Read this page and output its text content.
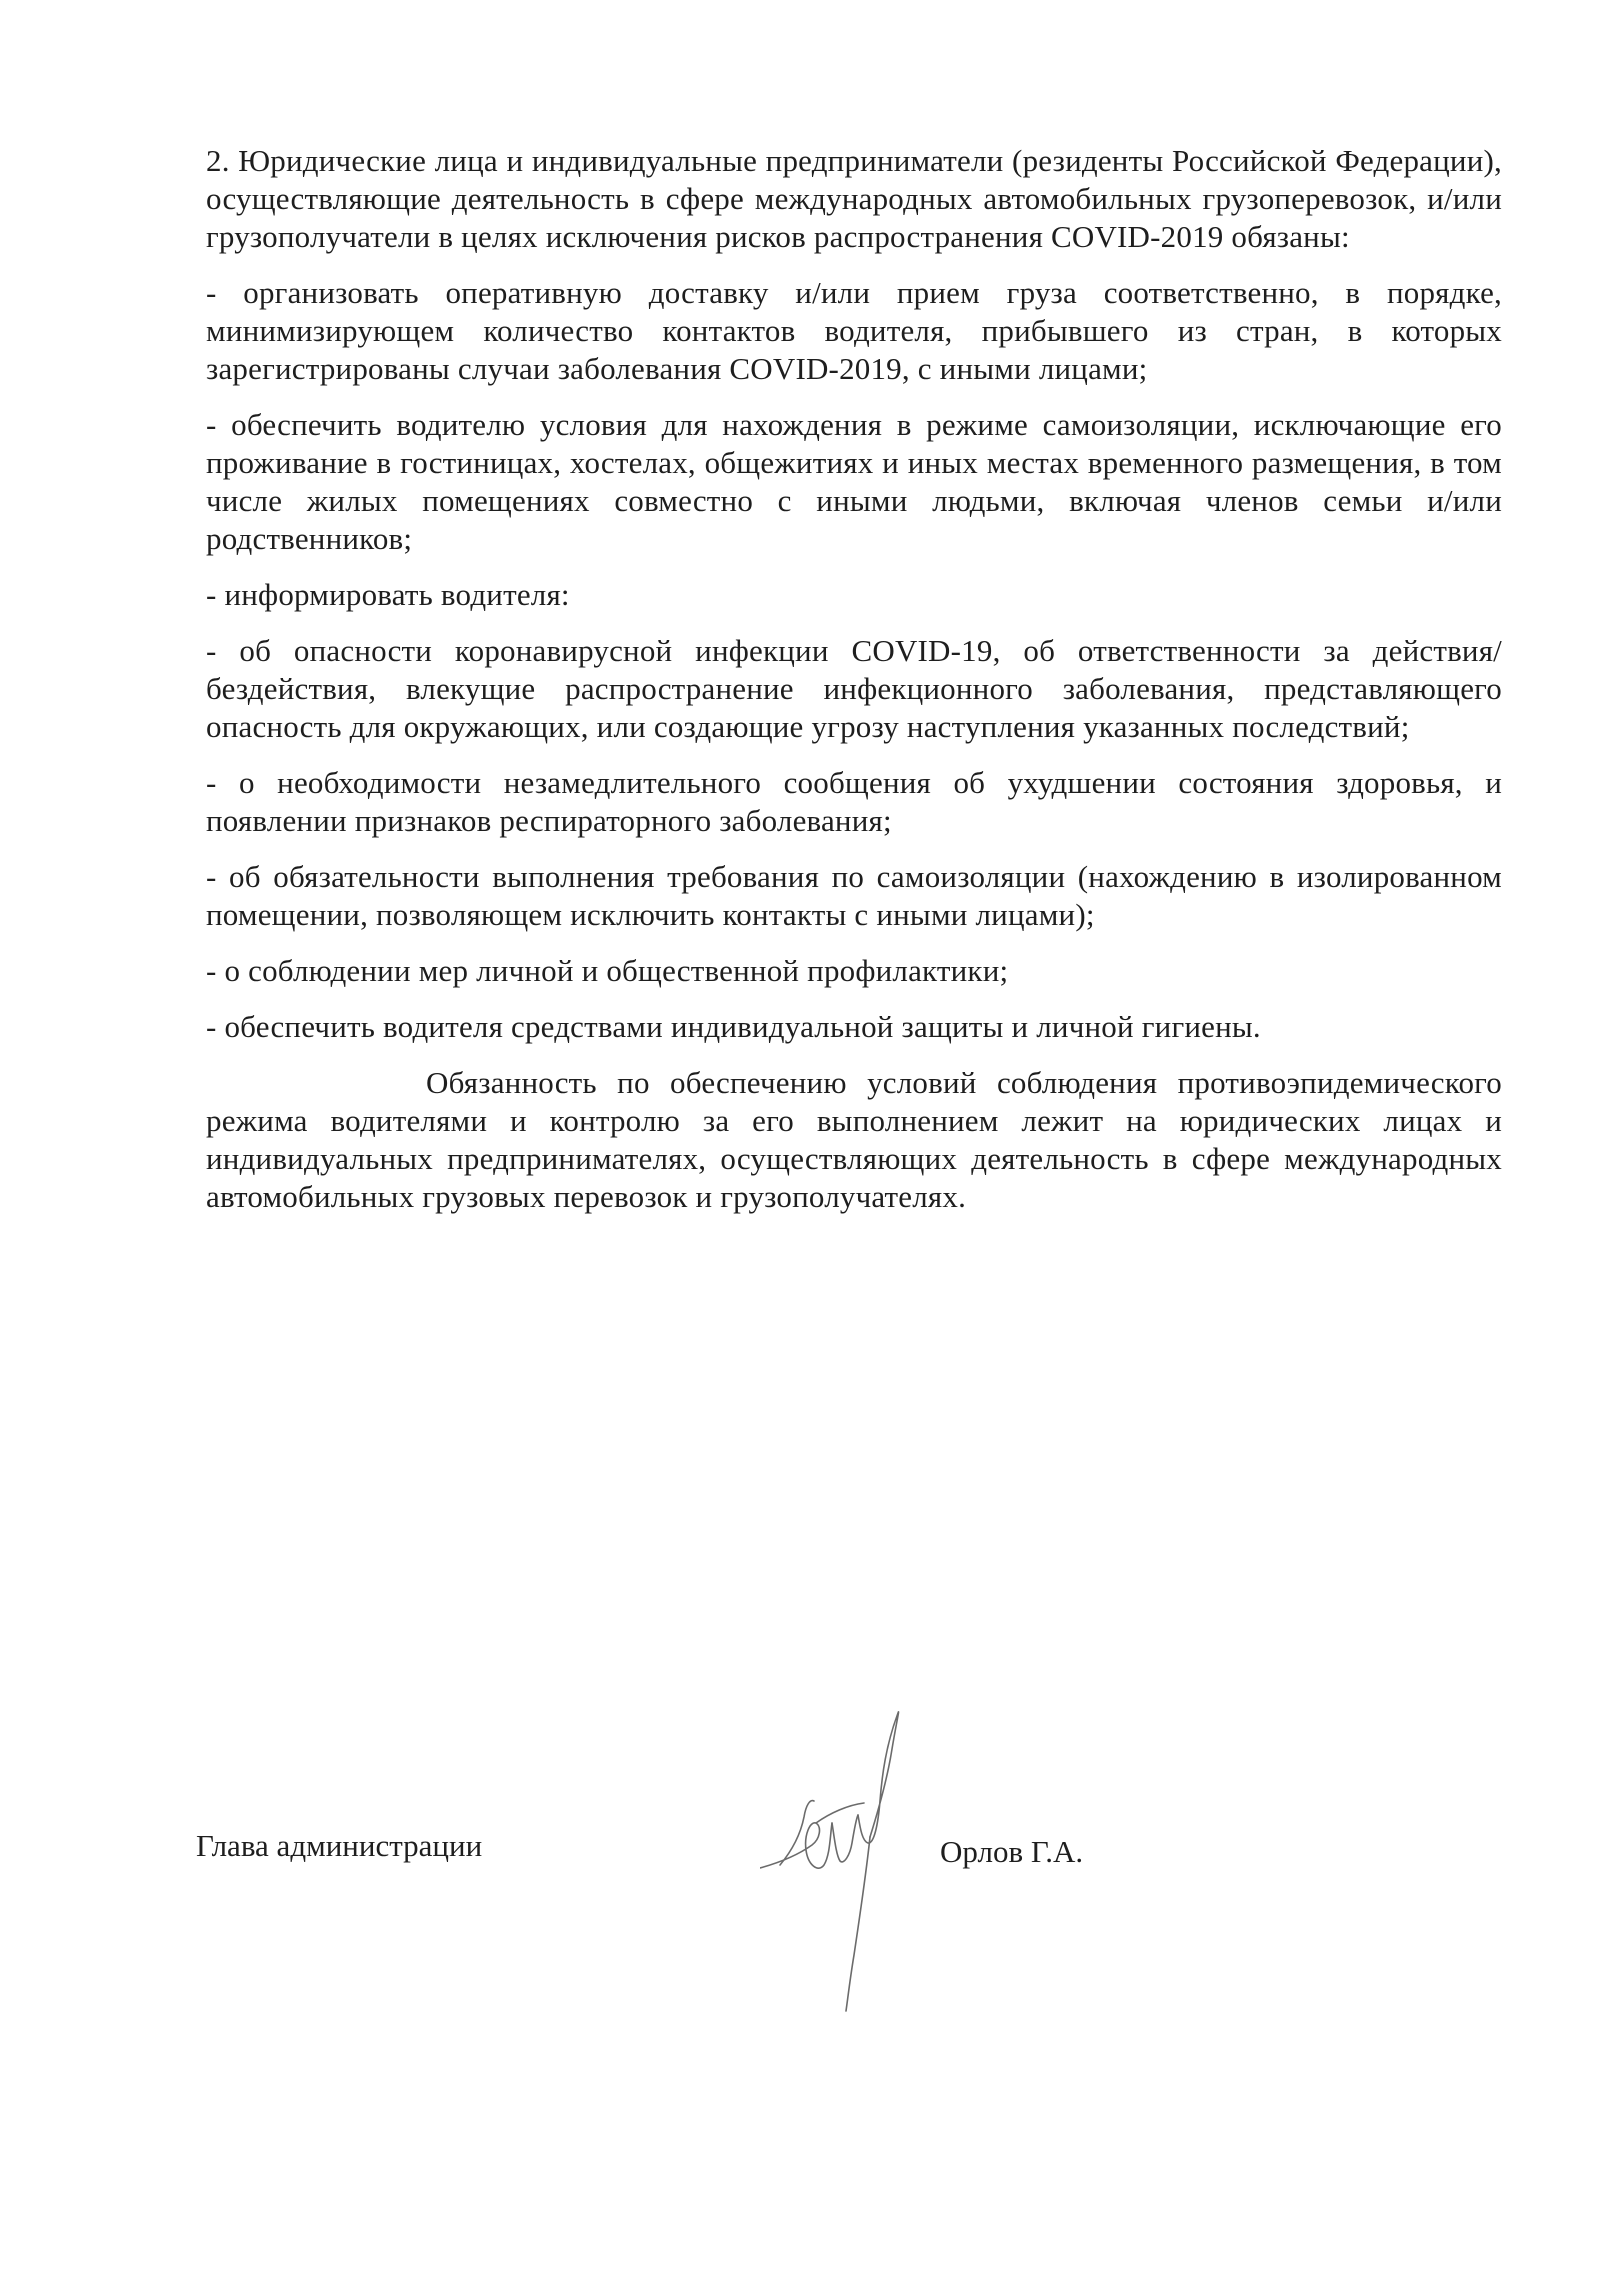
2. Юридические лица и индивидуальные предприниматели (резиденты Российской Федерации), осуществляющие деятельность в сфере международных автомобильных грузоперевозок, и/или грузополучатели в целях исключения рисков распространения COVID-2019 обязаны:

- организовать оперативную доставку и/или прием груза соответственно, в порядке, минимизирующем количество контактов водителя, прибывшего из стран, в которых зарегистрированы случаи заболевания COVID-2019, с иными лицами;

- обеспечить водителю условия для нахождения в режиме самоизоляции, исключающие его проживание в гостиницах, хостелах, общежитиях и иных местах временного размещения, в том числе жилых помещениях совместно с иными людьми, включая членов семьи и/или родственников;

- информировать водителя:

- об опасности коронавирусной инфекции COVID-19, об ответственности за действия/бездействия, влекущие распространение инфекционного заболевания, представляющего опасность для окружающих, или создающие угрозу наступления указанных последствий;

- о необходимости незамедлительного сообщения об ухудшении состояния здоровья, и появлении признаков респираторного заболевания;

- об обязательности выполнения требования по самоизоляции (нахождению в изолированном помещении, позволяющем исключить контакты с иными лицами);

- о соблюдении мер личной и общественной профилактики;

- обеспечить водителя средствами индивидуальной защиты и личной гигиены.

Обязанность по обеспечению условий соблюдения противоэпидемического режима водителями и контролю за его выполнением лежит на юридических лицах и индивидуальных предпринимателях, осуществляющих деятельность в сфере международных автомобильных грузовых перевозок и грузополучателях.

Глава администрации	Орлов Г.А.
